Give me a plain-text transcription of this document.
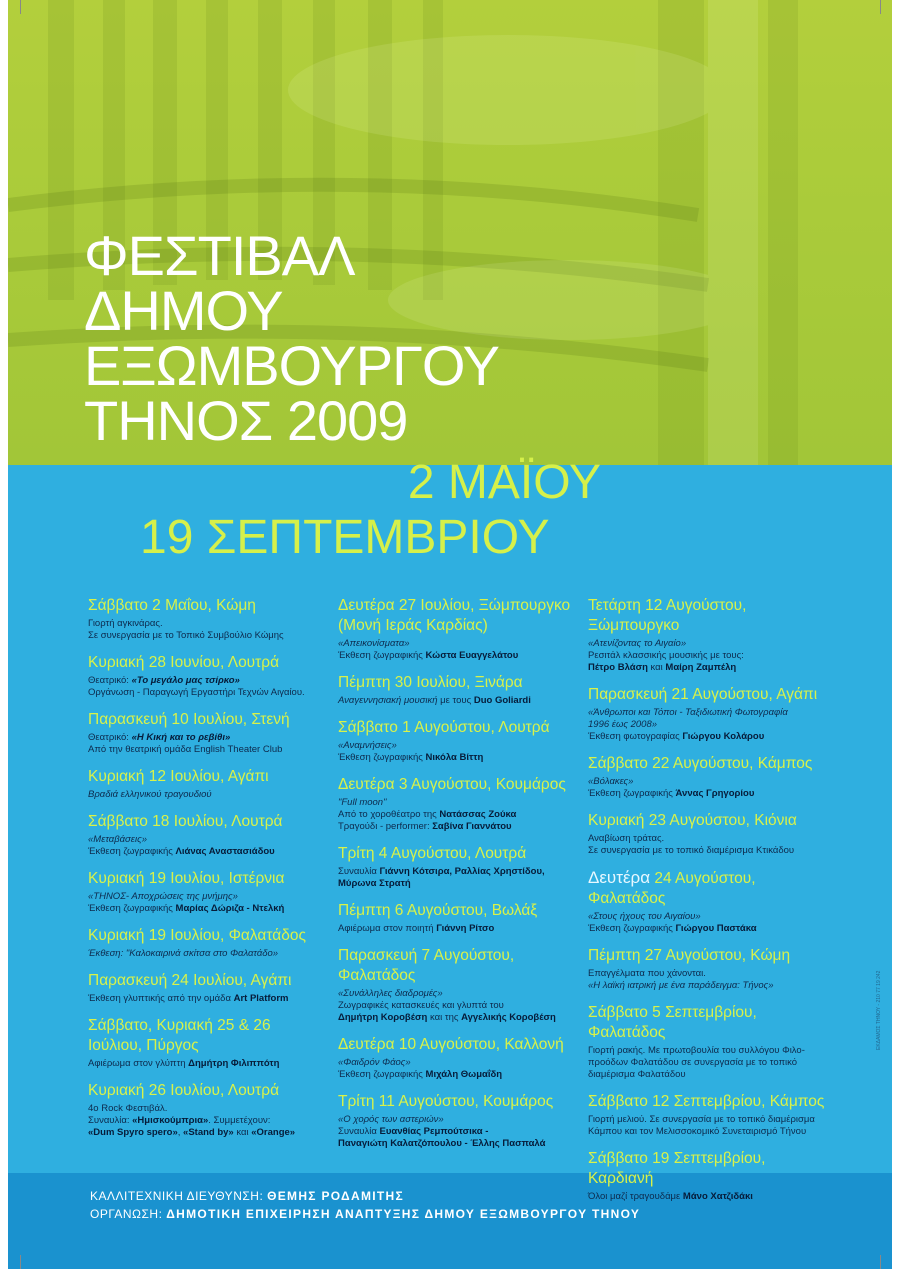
ΦΕΣΤΙΒΑΛ
ΔΗΜΟΥ
ΕΞΩΜΒΟΥΡΓΟΥ
ΤΗΝΟΣ 2009
2 ΜΑΪΟΥ
19 ΣΕΠΤΕΜΒΡΙΟΥ
Σάββατο 2 Μαΐου, Κώμη

Γιορτή αγκινάρας.

Σε συνεργασία με το Τοπικό Συμβούλιο Κώμης

Κυριακή 28 Ιουνίου, Λουτρά

Θεατρικό: «Το μεγάλο μας τσίρκο»

Οργάνωση - Παραγωγή Εργαστήρι Τεχνών Αιγαίου.

Παρασκευή 10 Ιουλίου, Στενή

Θεατρικό: «Η Κική και το ρεβίθι»

Από την θεατρική ομάδα English Theater Club

Κυριακή 12 Ιουλίου, Αγάπι

Βραδιά ελληνικού τραγουδιού

Σάββατο 18 Ιουλίου, Λουτρά

«Μεταβάσεις»

Έκθεση ζωγραφικής Λιάνας Αναστασιάδου

Κυριακή 19 Ιουλίου, Ιστέρνια

«ΤΗΝΟΣ- Αποχρώσεις της μνήμης»

Έκθεση ζωγραφικής Μαρίας Δώριζα - Ντελκή

Κυριακή 19 Ιουλίου, Φαλατάδος

Έκθεση: "Καλοκαιρινά σκίτσα στο Φαλατάδο»

Παρασκευή 24 Ιουλίου, Αγάπι

Έκθεση γλυπτικής από την ομάδα Art Platform

Σάββατο, Κυριακή 25 & 26 Ιούλιου, Πύργος

Αφιέρωμα στον γλύπτη Δημήτρη Φιλιππότη

Κυριακή 26 Ιουλίου, Λουτρά

4ο Rock Φεστιβάλ.

Συναυλία: «Ημισκούμπρια». Συμμετέχουν:

«Dum Spyro spero», «Stand by» και «Orange»

Δευτέρα 27 Ιουλίου, Ξώμπουργκο (Μονή Ιεράς Καρδίας)

«Απεικονίσματα»

Έκθεση ζωγραφικής Κώστα Ευαγγελάτου

Πέμπτη 30 Ιουλίου, Ξινάρα

Αναγεννησιακή μουσική με τους Duo Goliardi

Σάββατο 1 Αυγούστου, Λουτρά

«Αναμνήσεις»

Έκθεση ζωγραφικής Νικόλα Βίττη

Δευτέρα 3 Αυγούστου, Κουμάρος

"Full moon"

Από το χοροθέατρο της Νατάσσας Ζούκα

Τραγούδι - performer: Σαβίνα Γιαννάτου

Τρίτη 4 Αυγούστου, Λουτρά

Συναυλία Γιάννη Κότσιρα, Ραλλίας Χρηστίδου,

Μύρωνα Στρατή

Πέμπτη 6 Αυγούστου, Βωλάξ

Αφιέρωμα στον ποιητή Γιάννη Ρίτσο

Παρασκευή 7 Αυγούστου, Φαλατάδος

«Συνάλληλες διαδρομές»

Ζωγραφικές κατασκευές και γλυπτά του

Δημήτρη Κοροβέση και της Αγγελικής Κοροβέση

Δευτέρα 10 Αυγούστου, Καλλονή

«Φαιδρόν Φάος»

Έκθεση ζωγραφικής Μιχάλη Θωμαΐδη

Τρίτη 11 Αυγούστου, Κουμάρος

«Ο χορός των αστεριών»

Συναυλία Ευανθίας Ρεμπούτσικα -

Παναγιώτη Καλατζόπουλου - Έλλης Πασπαλά

Τετάρτη 12 Αυγούστου, Ξώμπουργκο

«Ατενίζοντας το Αιγαίο»

Ρεσιτάλ κλασσικής μουσικής με τους:

Πέτρο Βλάση και Μαίρη Ζαμπέλη

Παρασκευή 21 Αυγούστου, Αγάπι

«Άνθρωποι και Τόποι - Ταξιδιωτική Φωτογραφία

1996 έως 2008»

Έκθεση φωτογραφίας Γιώργου Κολάρου

Σάββατο 22 Αυγούστου, Κάμπος

«Βόλακες»

Έκθεση ζωγραφικής Άννας Γρηγορίου

Κυριακή 23 Αυγούστου, Κιόνια

Αναβίωση τράτας.

Σε συνεργασία με το τοπικό διαμέρισμα Κτικάδου

Δευτέρα 24 Αυγούστου, Φαλατάδος

«Στους ήχους του Αιγαίου»

Έκθεση ζωγραφικής Γιώργου Παστάκα

Πέμπτη 27 Αυγούστου, Κώμη

Επαγγέλματα που χάνονται.

«Η λαϊκή ιατρική με ένα παράδειγμα: Τήνος»

Σάββατο 5 Σεπτεμβρίου, Φαλατάδος

Γιορτή ρακής. Με πρωτοβουλία του συλλόγου Φιλο-

προόδων Φαλατάδου σε συνεργασία με το τοπικό

διαμέρισμα Φαλατάδου

Σάββατο 12 Σεπτεμβρίου, Κάμπος

Γιορτή μελιού. Σε συνεργασία με το τοπικό διαμέρισμα

Κάμπου και τον Μελισσοκομικό Συνεταιρισμό Τήνου

Σάββατο 19 Σεπτεμβρίου, Καρδιανή

Όλοι μαζί τραγουδάμε Μάνο Χατζιδάκι

ΚΑΛΛΙΤΕΧΝΙΚΗ ΔΙΕΥΘΥΝΣΗ: ΘΕΜΗΣ ΡΟΔΑΜΙΤΗΣ
ΟΡΓΑΝΩΣΗ: ΔΗΜΟΤΙΚΗ ΕΠΙΧΕΙΡΗΣΗ ΑΝΑΠΤΥΞΗΣ ΔΗΜΟΥ ΕΞΩΜΒΟΥΡΓΟΥ ΤΗΝΟΥ
ΕΚΔΑΜΟΣ ΤΗΝΟΥ - 210 77 19 242
